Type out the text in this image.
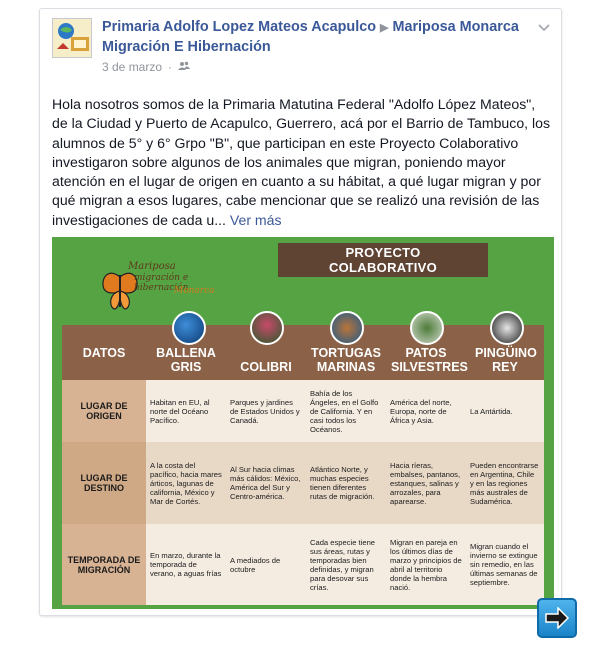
Primaria Adolfo Lopez Mateos Acapulco ▶ Mariposa Monarca Migración E Hibernación
3 de marzo ·
Hola nosotros somos de la Primaria Matutina Federal "Adolfo López Mateos", de la Ciudad y Puerto de Acapulco, Guerrero, acá por el Barrio de Tambuco, los alumnos de 5° y 6° Grpo "B", que participan en este Proyecto Colaborativo investigaron sobre algunos de los animales que migran, poniendo mayor atención en el lugar de origen en cuanto a su hábitat, a qué lugar migran y por qué migran a esos lugares, cabe mencionar que se realizó una revisión de las investigaciones de cada u... Ver más
PROYECTO
COLABORATIVO
Mariposa
migración e hibernación
Monarca
DATOS	BALLENA GRIS	COLIBRI
TORTUGAS MARINAS
PATOS SILVESTRES
PINGÜINO REY
LUGAR DE ORIGEN
Habitan en EU, al norte del Océano Pacífico.
Parques y jardines de Estados Unidos y Canadá.
Bahía de los Ángeles, en el Golfo de California. Y en casi todos los Océanos.
América del norte, Europa, norte de África y Asia.
La Antártida.
LUGAR DE DESTINO
A la costa del pacífico, hacia mares árticos, lagunas de california, México y Mar de Cortés.
Al Sur hacia climas más cálidos: México, América del Sur y Centro-américa.
Atlántico Norte, y muchas especies tienen diferentes rutas de migración.
Hacia ríeras, embalses, pantanos, estanques, salinas y arrozales, para aparearse.
Pueden encontrarse en Argentina, Chile y en las regiones más australes de Sudamérica.
TEMPORADA DE MIGRACIÓN
En marzo, durante la temporada de verano, a aguas frías
A mediados de octubre
Cada especie tiene sus áreas, rutas y temporadas bien definidas, y migran para desovar sus crías.
Migran en pareja en los últimos días de marzo y principios de abril al territorio donde la hembra nació.
Migran cuando el invierno se extingue sin remedio, en las últimas semanas de septiembre.
